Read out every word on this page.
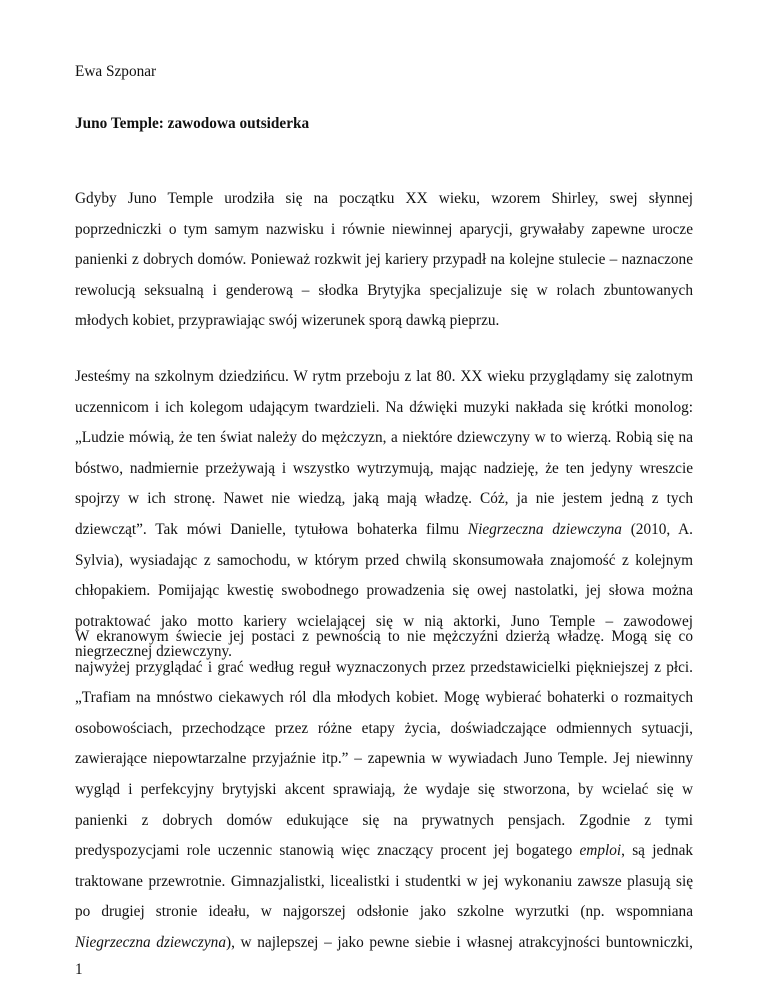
Ewa Szponar
Juno Temple: zawodowa outsiderka
Gdyby Juno Temple urodziła się na początku XX wieku, wzorem Shirley, swej słynnej
poprzedniczki o tym samym nazwisku i równie niewinnej aparycji, grywałaby zapewne urocze
panienki z dobrych domów. Ponieważ rozkwit jej kariery przypadł na kolejne stulecie – naznaczone
rewolucją seksualną i genderową – słodka Brytyjka specjalizuje się w rolach zbuntowanych
młodych kobiet, przyprawiając swój wizerunek sporą dawką pieprzu.
Jesteśmy na szkolnym dziedzińcu. W rytm przeboju z lat 80. XX wieku przyglądamy się zalotnym
uczennicom i ich kolegom udającym twardzieli. Na dźwięki muzyki nakłada się krótki monolog:
„Ludzie mówią, że ten świat należy do mężczyzn, a niektóre dziewczyny w to wierzą. Robią się na
bóstwo, nadmiernie przeżywają i wszystko wytrzymują, mając nadzieję, że ten jedyny wreszcie
spojrzy w ich stronę. Nawet nie wiedzą, jaką mają władzę. Cóż, ja nie jestem jedną z tych
dziewcząt”. Tak mówi Danielle, tytułowa bohaterka filmu Niegrzeczna dziewczyna (2010, A.
Sylvia), wysiadając z samochodu, w którym przed chwilą skonsumowała znajomość z kolejnym
chłopakiem. Pomijając kwestię swobodnego prowadzenia się owej nastolatki, jej słowa można
potraktować jako motto kariery wcielającej się w nią aktorki, Juno Temple – zawodowej
niegrzecznej dziewczyny.
W ekranowym świecie jej postaci z pewnością to nie mężczyźni dzierżą władzę. Mogą się co
najwyżej przyglądać i grać według reguł wyznaczonych przez przedstawicielki piękniejszej z płci.
„Trafiam na mnóstwo ciekawych ról dla młodych kobiet. Mogę wybierać bohaterki o rozmaitych
osobowościach, przechodzące przez różne etapy życia, doświadczające odmiennych sytuacji,
zawierające niepowtarzalne przyjaźnie itp.” – zapewnia w wywiadach Juno Temple. Jej niewinny
wygląd i perfekcyjny brytyjski akcent sprawiają, że wydaje się stworzona, by wcielać się w
panienki z dobrych domów edukujące się na prywatnych pensjach. Zgodnie z tymi
predyspozycjami role uczennic stanowią więc znaczący procent jej bogatego emploi, są jednak
traktowane przewrotnie. Gimnazjalistki, licealistki i studentki w jej wykonaniu zawsze plasują się
po drugiej stronie ideału, w najgorszej odsłonie jako szkolne wyrzutki (np. wspomniana
Niegrzeczna dziewczyna), w najlepszej – jako pewne siebie i własnej atrakcyjności buntowniczki,
1
